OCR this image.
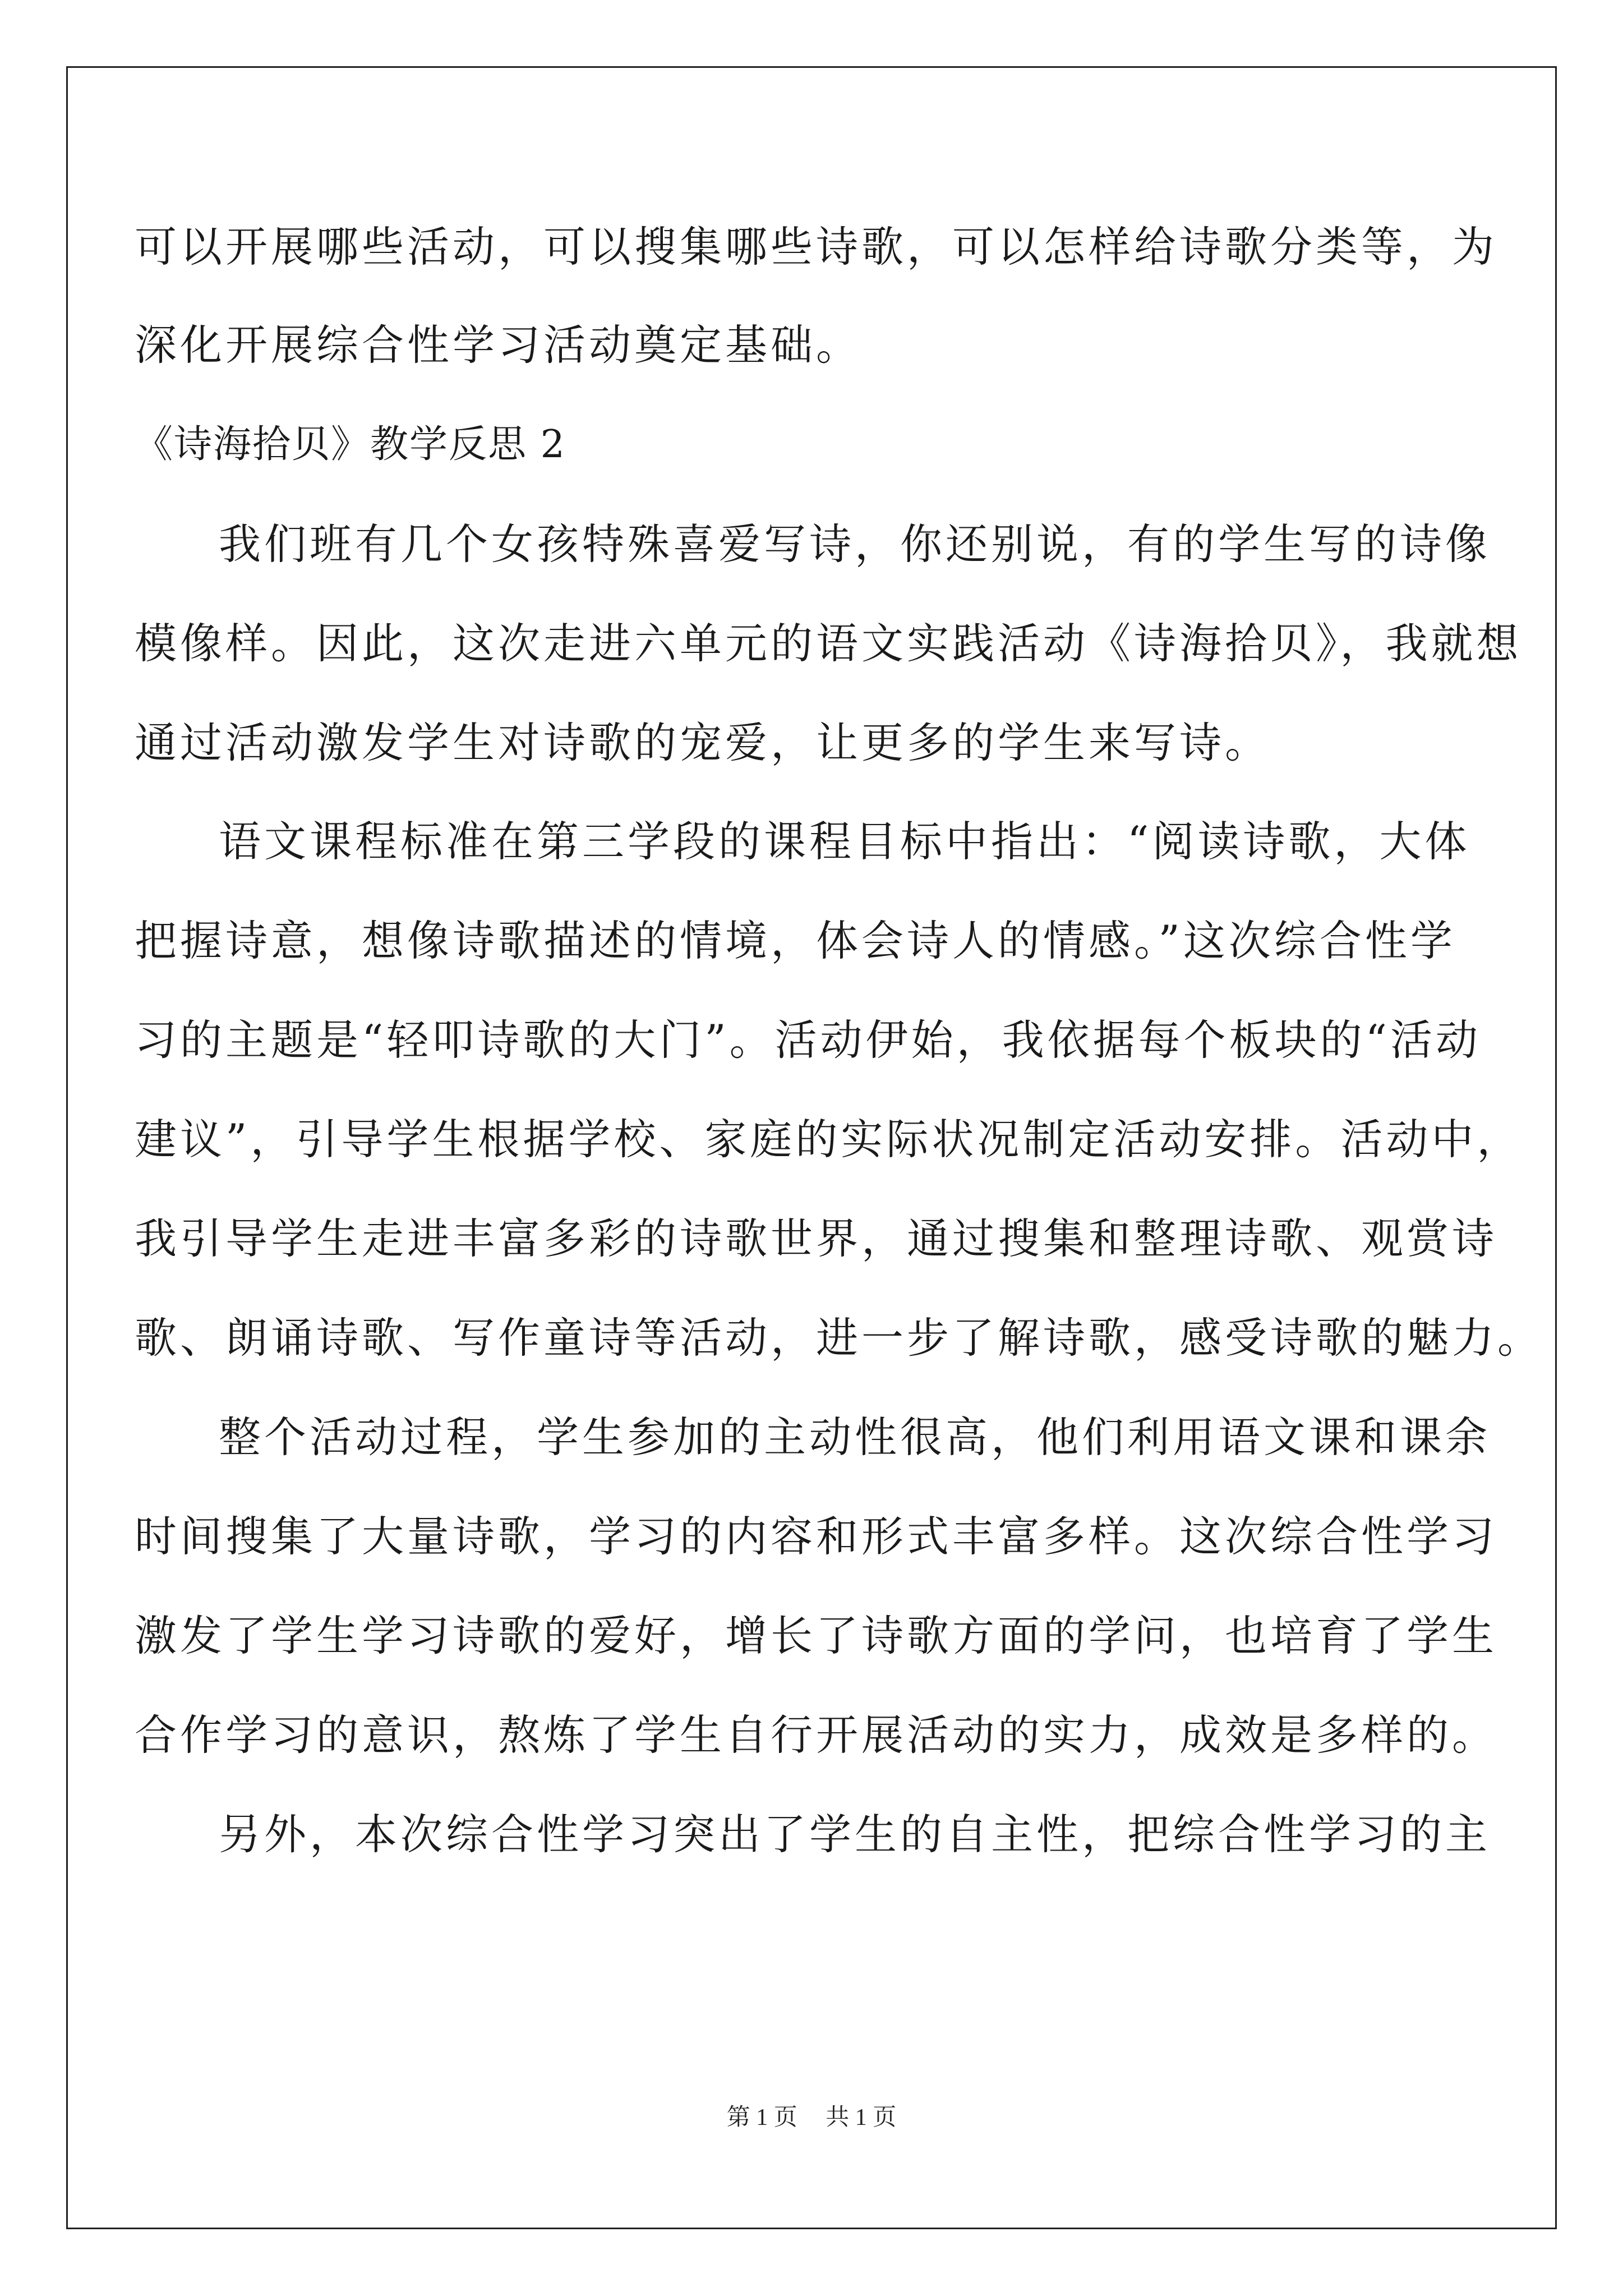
可以开展哪些活动，可以搜集哪些诗歌，可以怎样给诗歌分类等，为
深化开展综合性学习活动奠定基础。
《诗海拾贝》教学反思 2
我们班有几个女孩特殊喜爱写诗，你还别说，有的学生写的诗像
模像样。因此，这次走进六单元的语文实践活动《诗海拾贝》，我就想
通过活动激发学生对诗歌的宠爱，让更多的学生来写诗。
语文课程标准在第三学段的课程目标中指出：“阅读诗歌，大体
把握诗意，想像诗歌描述的情境，体会诗人的情感。”这次综合性学
习的主题是“轻叩诗歌的大门”。活动伊始，我依据每个板块的“活动
建议”，引导学生根据学校、家庭的实际状况制定活动安排。活动中，
我引导学生走进丰富多彩的诗歌世界，通过搜集和整理诗歌、观赏诗
歌、朗诵诗歌、写作童诗等活动，进一步了解诗歌，感受诗歌的魅力。
整个活动过程，学生参加的主动性很高，他们利用语文课和课余
时间搜集了大量诗歌，学习的内容和形式丰富多样。这次综合性学习
激发了学生学习诗歌的爱好，增长了诗歌方面的学问，也培育了学生
合作学习的意识，熬炼了学生自行开展活动的实力，成效是多样的。
另外，本次综合性学习突出了学生的自主性，把综合性学习的主
第 1 页 共 1 页
